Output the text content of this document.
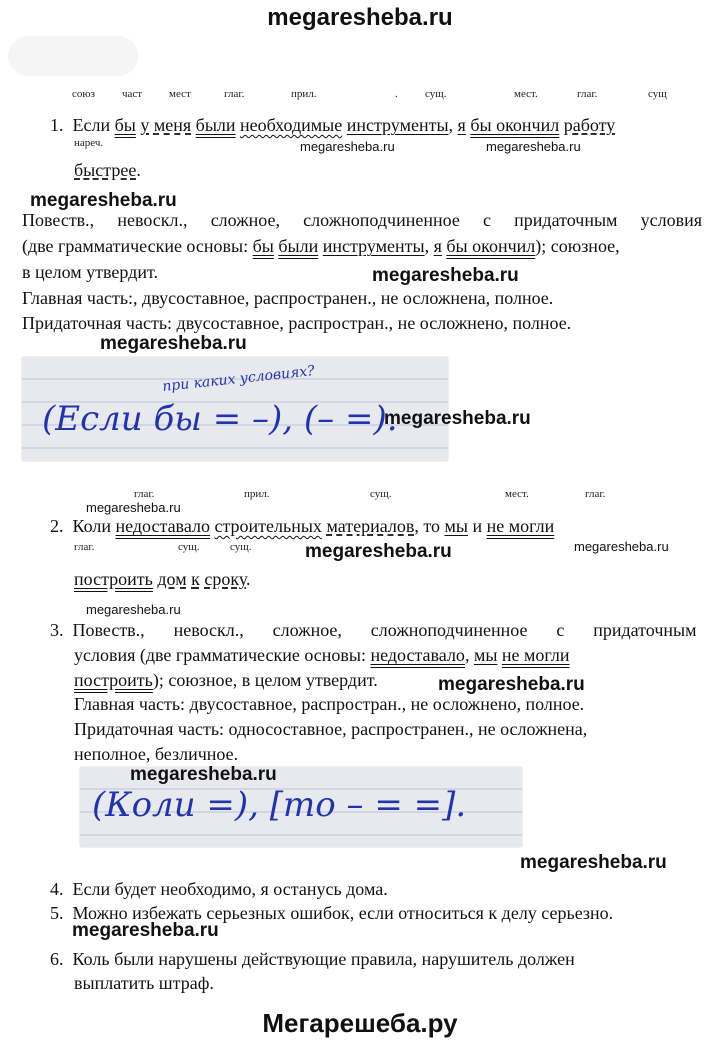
megaresheba.ru
союз част мест	глаг.	прил.	. сущ.	мест.	глаг.	сущ
1. Если бы у меня были необходимые инструменты, я бы окончил работу
нареч.	megaresheba.ru	megaresheba.ru
быстрее.
megaresheba.ru
Повеств., невоскл., сложное, сложноподчиненное с придаточным условия
(две грамматические основы: бы были инструменты, я бы окончил); союзное,
в целом утвердит.	megaresheba.ru
Главная часть:, двусоставное, распространен., не осложнена, полное.
Придаточная часть: двусоставное, распростран., не осложнено, полное.
megaresheba.ru
при каких условиях?
(Если бы = –), (– =).
megaresheba.ru
глаг.	прил.	сущ.	мест.	глаг.
megaresheba.ru
2. Коли недоставало строительных материалов, то мы и не могли
глаг.	сущ.	сущ.	megaresheba.ru	megaresheba.ru
построить дом к сроку.
megaresheba.ru
3. Повеств., невоскл., сложное, сложноподчиненное с придаточным
условия (две грамматические основы: недоставало, мы не могли
построить); союзное, в целом утвердит.	megaresheba.ru
Главная часть: двусоставное, распростран., не осложнено, полное.
Придаточная часть: односоставное, распространен., не осложнена,
неполное, безличное.
(Коли =), [то – = =].
megaresheba.ru
megaresheba.ru
4. Если будет необходимо, я останусь дома.
5. Можно избежать серьезных ошибок, если относиться к делу серьезно.
megaresheba.ru
6. Коль были нарушены действующие правила, нарушитель должен
выплатить штраф.
Мегарешеба.ру
